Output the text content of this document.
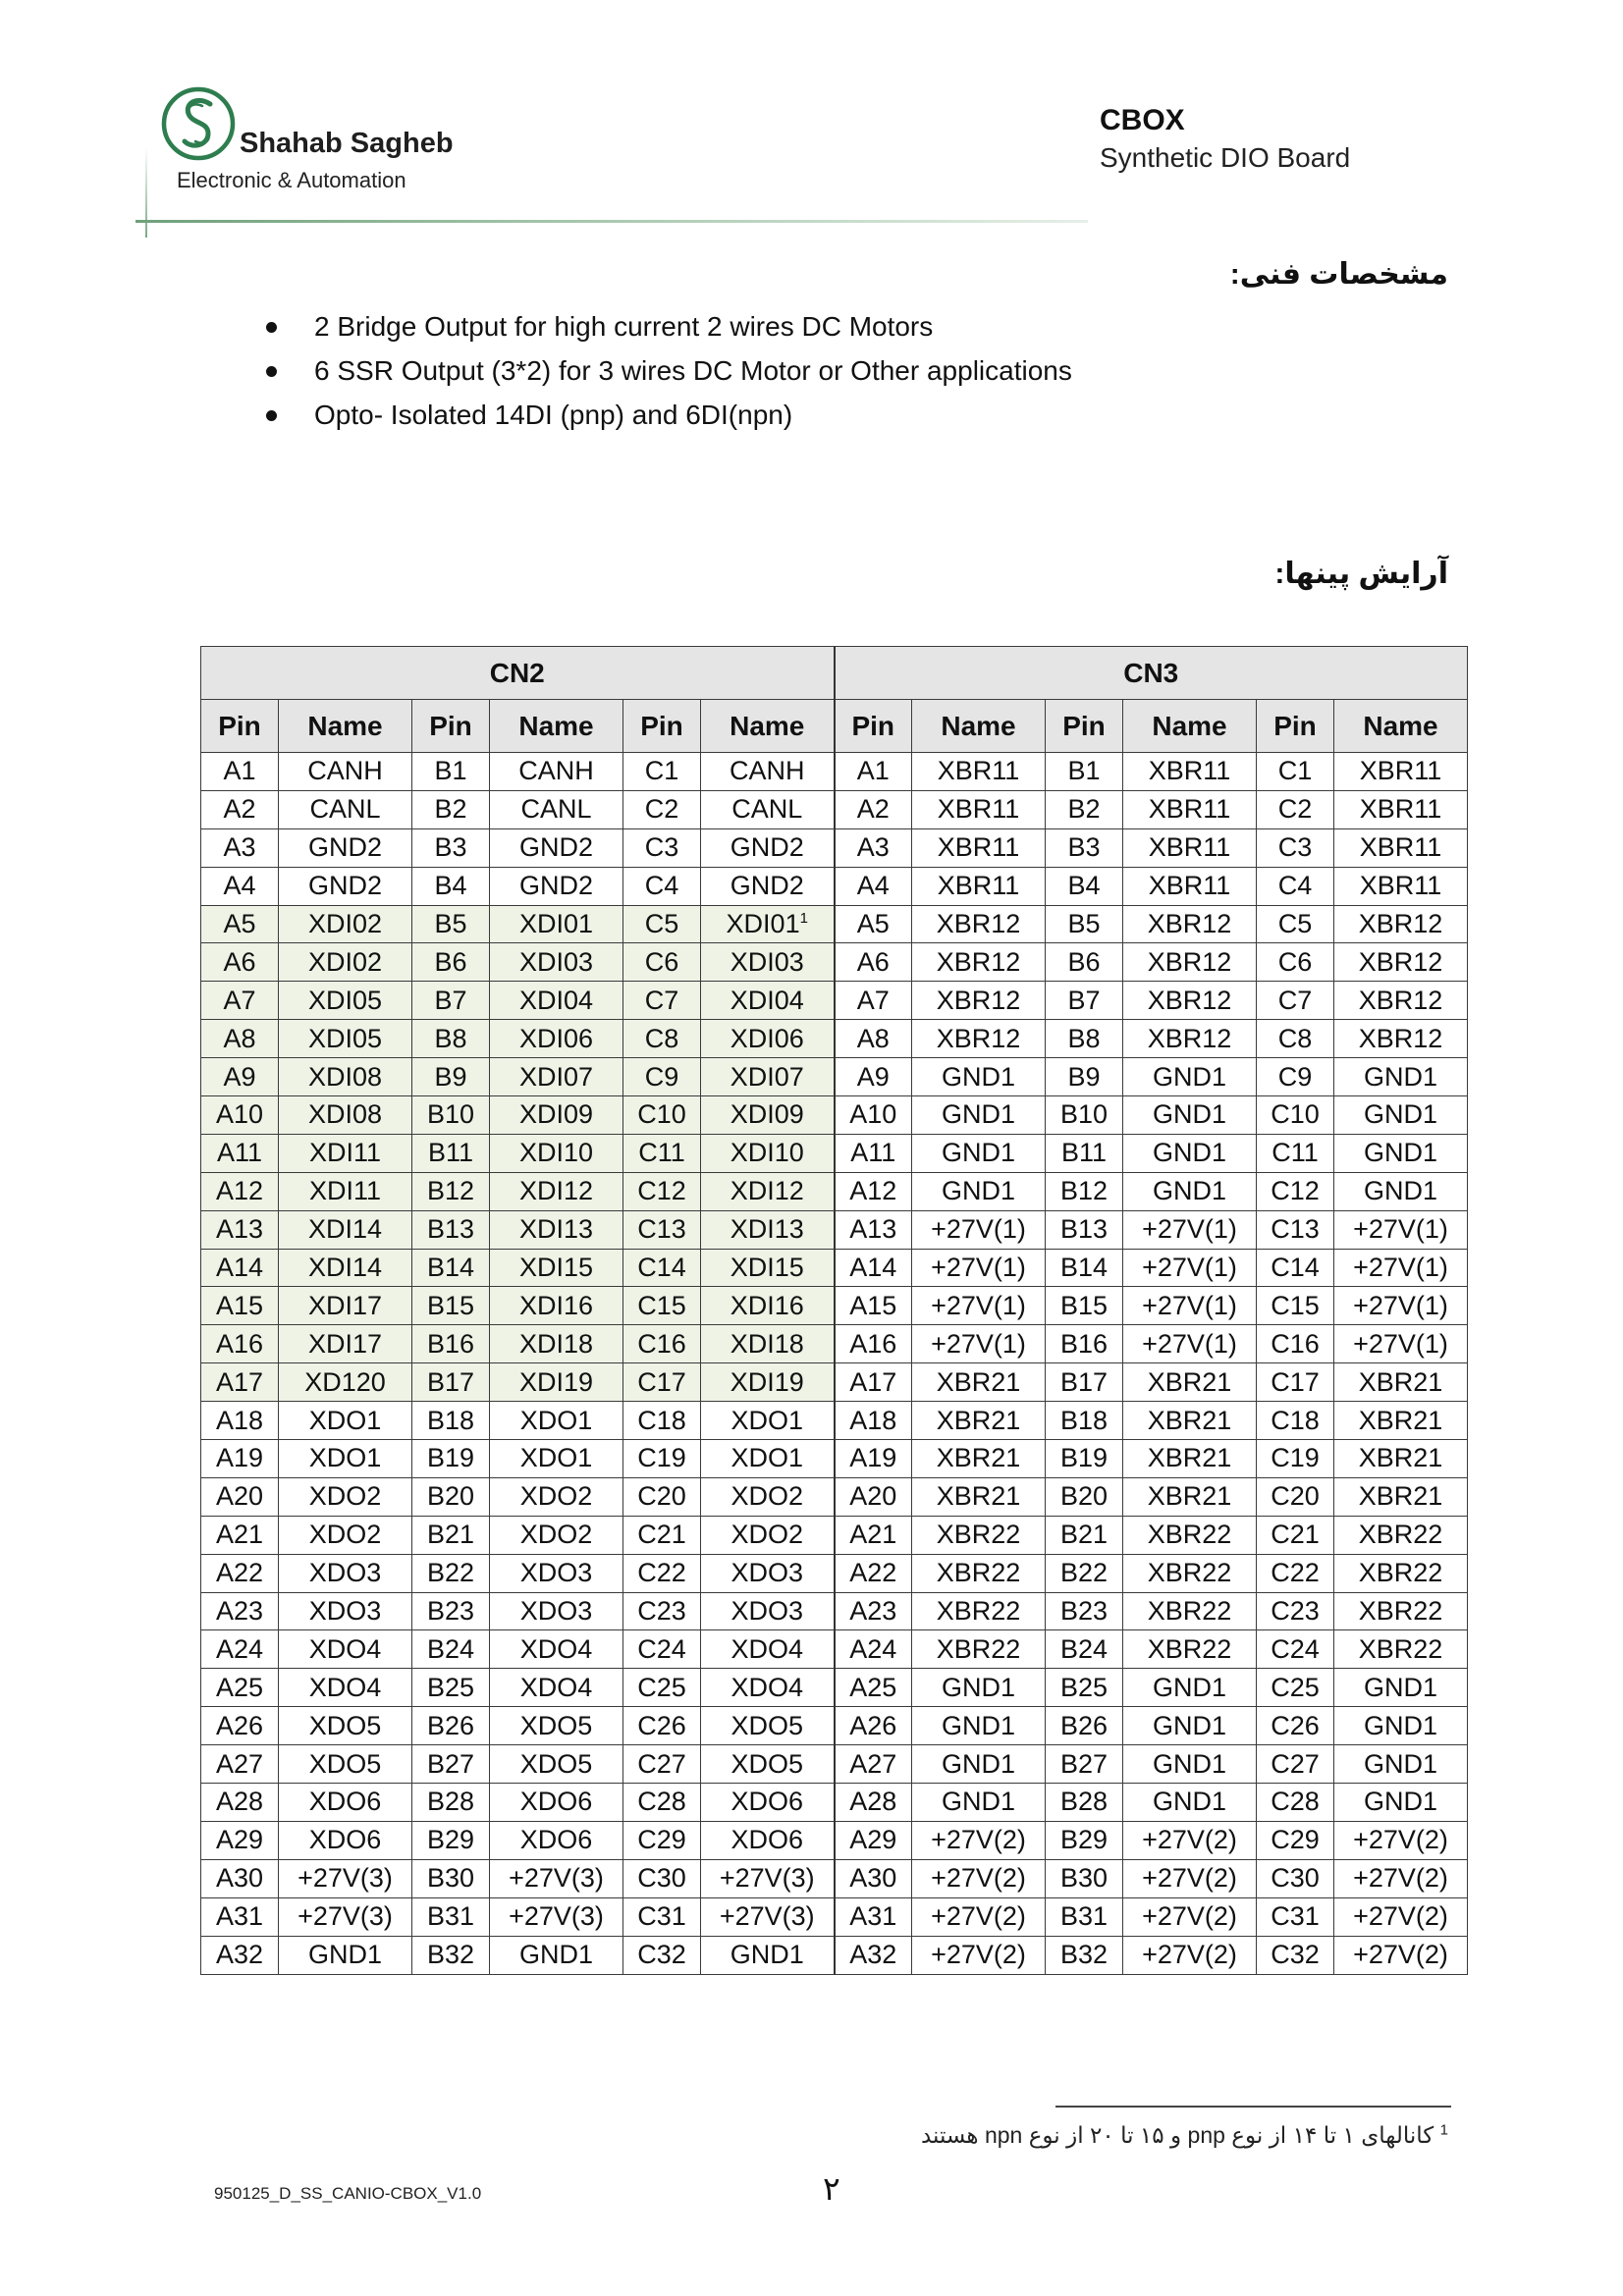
Shahab Sagheb
Electronic & Automation
CBOX
Synthetic DIO Board
مشخصات فنی:
2 Bridge Output for high current 2 wires DC Motors
6 SSR Output (3*2) for 3 wires DC Motor or Other applications
Opto- Isolated 14DI (pnp) and 6DI(npn)
آرایش پینها:
CN2						CN3					
Pin	Name	Pin	Name	Pin	Name	Pin	Name	Pin	Name	Pin	Name
A1	CANH	B1	CANH	C1	CANH	A1	XBR11	B1	XBR11	C1	XBR11
A2	CANL	B2	CANL	C2	CANL	A2	XBR11	B2	XBR11	C2	XBR11
A3	GND2	B3	GND2	C3	GND2	A3	XBR11	B3	XBR11	C3	XBR11
A4	GND2	B4	GND2	C4	GND2	A4	XBR11	B4	XBR11	C4	XBR11
A5	XDI02	B5	XDI01	C5	$XDI01^1$	A5	XBR12	B5	XBR12	C5	XBR12
A6	XDI02	B6	XDI03	C6	XDI03	A6	XBR12	B6	XBR12	C6	XBR12
A7	XDI05	B7	XDI04	C7	XDI04	A7	XBR12	B7	XBR12	C7	XBR12
A8	XDI05	B8	XDI06	C8	XDI06	A8	XBR12	B8	XBR12	C8	XBR12
A9	XDI08	B9	XDI07	C9	XDI07	A9	GND1	B9	GND1	C9	GND1
A10	XDI08	B10	XDI09	C10	XDI09	A10	GND1	B10	GND1	C10	GND1
A11	XDI11	B11	XDI10	C11	XDI10	A11	GND1	B11	GND1	C11	GND1
A12	XDI11	B12	XDI12	C12	XDI12	A12	GND1	B12	GND1	C12	GND1
A13	XDI14	B13	XDI13	C13	XDI13	A13	+27V(1)	B13	+27V(1)	C13	+27V(1)
A14	XDI14	B14	XDI15	C14	XDI15	A14	+27V(1)	B14	+27V(1)	C14	+27V(1)
A15	XDI17	B15	XDI16	C15	XDI16	A15	+27V(1)	B15	+27V(1)	C15	+27V(1)
A16	XDI17	B16	XDI18	C16	XDI18	A16	+27V(1)	B16	+27V(1)	C16	+27V(1)
A17	XD120	B17	XDI19	C17	XDI19	A17	XBR21	B17	XBR21	C17	XBR21
A18	XDO1	B18	XDO1	C18	XDO1	A18	XBR21	B18	XBR21	C18	XBR21
A19	XDO1	B19	XDO1	C19	XDO1	A19	XBR21	B19	XBR21	C19	XBR21
A20	XDO2	B20	XDO2	C20	XDO2	A20	XBR21	B20	XBR21	C20	XBR21
A21	XDO2	B21	XDO2	C21	XDO2	A21	XBR22	B21	XBR22	C21	XBR22
A22	XDO3	B22	XDO3	C22	XDO3	A22	XBR22	B22	XBR22	C22	XBR22
A23	XDO3	B23	XDO3	C23	XDO3	A23	XBR22	B23	XBR22	C23	XBR22
A24	XDO4	B24	XDO4	C24	XDO4	A24	XBR22	B24	XBR22	C24	XBR22
A25	XDO4	B25	XDO4	C25	XDO4	A25	GND1	B25	GND1	C25	GND1
A26	XDO5	B26	XDO5	C26	XDO5	A26	GND1	B26	GND1	C26	GND1
A27	XDO5	B27	XDO5	C27	XDO5	A27	GND1	B27	GND1	C27	GND1
A28	XDO6	B28	XDO6	C28	XDO6	A28	GND1	B28	GND1	C28	GND1
A29	XDO6	B29	XDO6	C29	XDO6	A29	+27V(2)	B29	+27V(2)	C29	+27V(2)
A30	+27V(3)	B30	+27V(3)	C30	+27V(3)	A30	+27V(2)	B30	+27V(2)	C30	+27V(2)
A31	+27V(3)	B31	+27V(3)	C31	+27V(3)	A31	+27V(2)	B31	+27V(2)	C31	+27V(2)
A32	GND1	B32	GND1	C32	GND1	A32	+27V(2)	B32	+27V(2)	C32	+27V(2)
$^1$ کانالهای ۱ تا ۱۴ از نوع pnp و ۱۵ تا ۲۰ از نوع npn هستند
950125_D_SS_CANIO-CBOX_V1.0	۲
